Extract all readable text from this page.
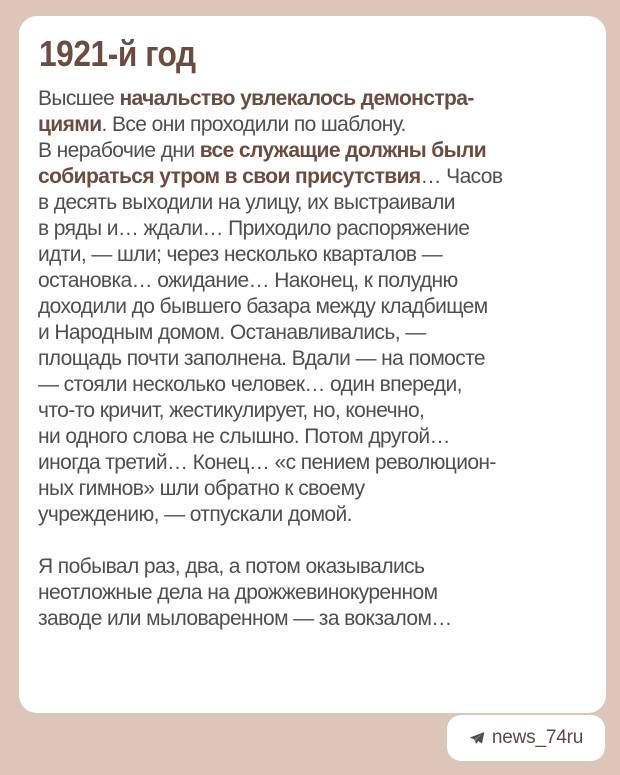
1921-й год

Высшее начальство увлекалось демонстра-
циями. Все они проходили по шаблону.
В нерабочие дни все служащие должны были
собираться утром в свои присутствия… Часов
в десять выходили на улицу, их выстраивали
в ряды и… ждали… Приходило распоряжение
идти, — шли; через несколько кварталов —
остановка… ожидание… Наконец, к полудню
доходили до бывшего базара между кладбищем
и Народным домом. Останавливались, —
площадь почти заполнена. Вдали — на помосте
— стояли несколько человек… один впереди,
что-то кричит, жестикулирует, но, конечно,
ни одного слова не слышно. Потом другой…
иногда третий… Конец… «с пением революцион-
ных гимнов» шли обратно к своему
учреждению, — отпускали домой.

Я побывал раз, два, а потом оказывались
неотложные дела на дрожжевинокуренном
заводе или мыловаренном — за вокзалом…

news_74ru
